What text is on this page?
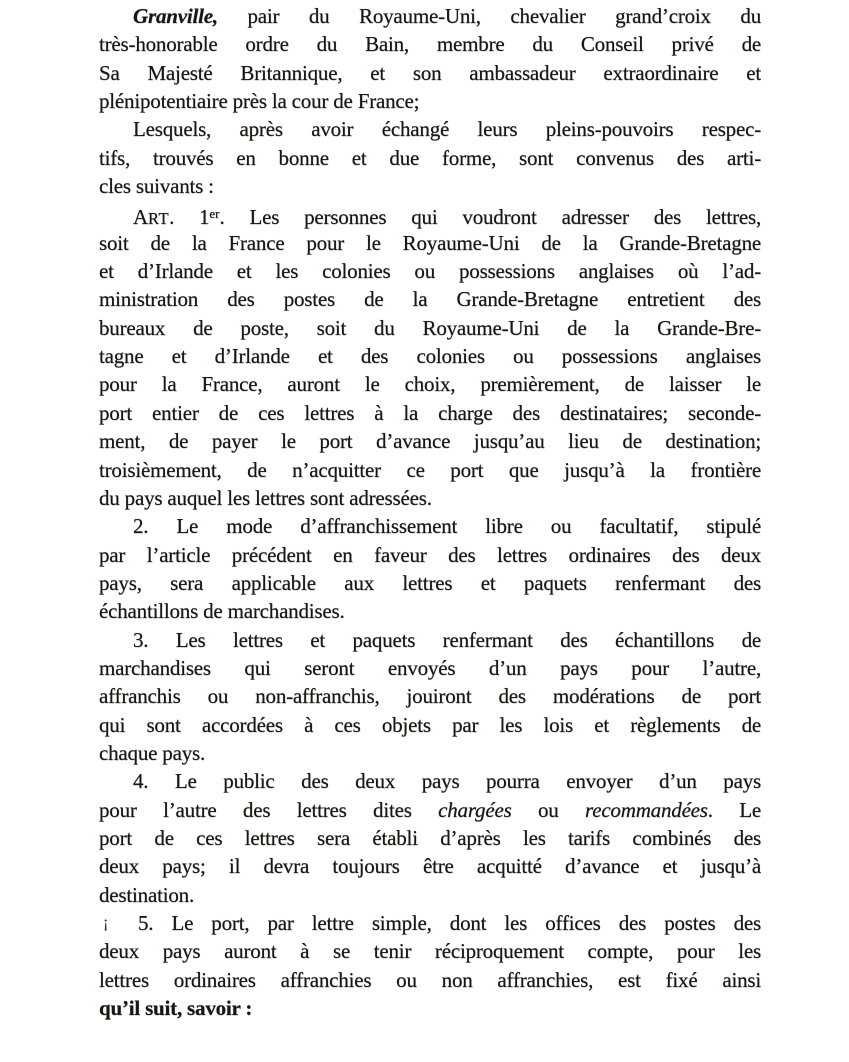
Granville, pair du Royaume-Uni, chevalier grand’croix du
très-honorable ordre du Bain, membre du Conseil privé de
Sa Majesté Britannique, et son ambassadeur extraordinaire et
plénipotentiaire près la cour de France;
Lesquels, après avoir échangé leurs pleins-pouvoirs respec-
tifs, trouvés en bonne et due forme, sont convenus des arti-
cles suivants :
ART. 1er. Les personnes qui voudront adresser des lettres,
soit de la France pour le Royaume-Uni de la Grande-Bretagne
et d’Irlande et les colonies ou possessions anglaises où l’ad-
ministration des postes de la Grande-Bretagne entretient des
bureaux de poste, soit du Royaume-Uni de la Grande-Bre-
tagne et d’Irlande et des colonies ou possessions anglaises
pour la France, auront le choix, premièrement, de laisser le
port entier de ces lettres à la charge des destinataires; seconde-
ment, de payer le port d’avance jusqu’au lieu de destination;
troisièmement, de n’acquitter ce port que jusqu’à la frontière
du pays auquel les lettres sont adressées.
2. Le mode d’affranchissement libre ou facultatif, stipulé
par l’article précédent en faveur des lettres ordinaires des deux
pays, sera applicable aux lettres et paquets renfermant des
échantillons de marchandises.
3. Les lettres et paquets renfermant des échantillons de
marchandises qui seront envoyés d’un pays pour l’autre,
affranchis ou non-affranchis, jouiront des modérations de port
qui sont accordées à ces objets par les lois et règlements de
chaque pays.
4. Le public des deux pays pourra envoyer d’un pays
pour l’autre des lettres dites chargées ou recommandées. Le
port de ces lettres sera établi d’après les tarifs combinés des
deux pays; il devra toujours être acquitté d’avance et jusqu’à
destination.
¡ 5. Le port, par lettre simple, dont les offices des postes des
deux pays auront à se tenir réciproquement compte, pour les
lettres ordinaires affranchies ou non affranchies, est fixé ainsi
qu’il suit, savoir :
